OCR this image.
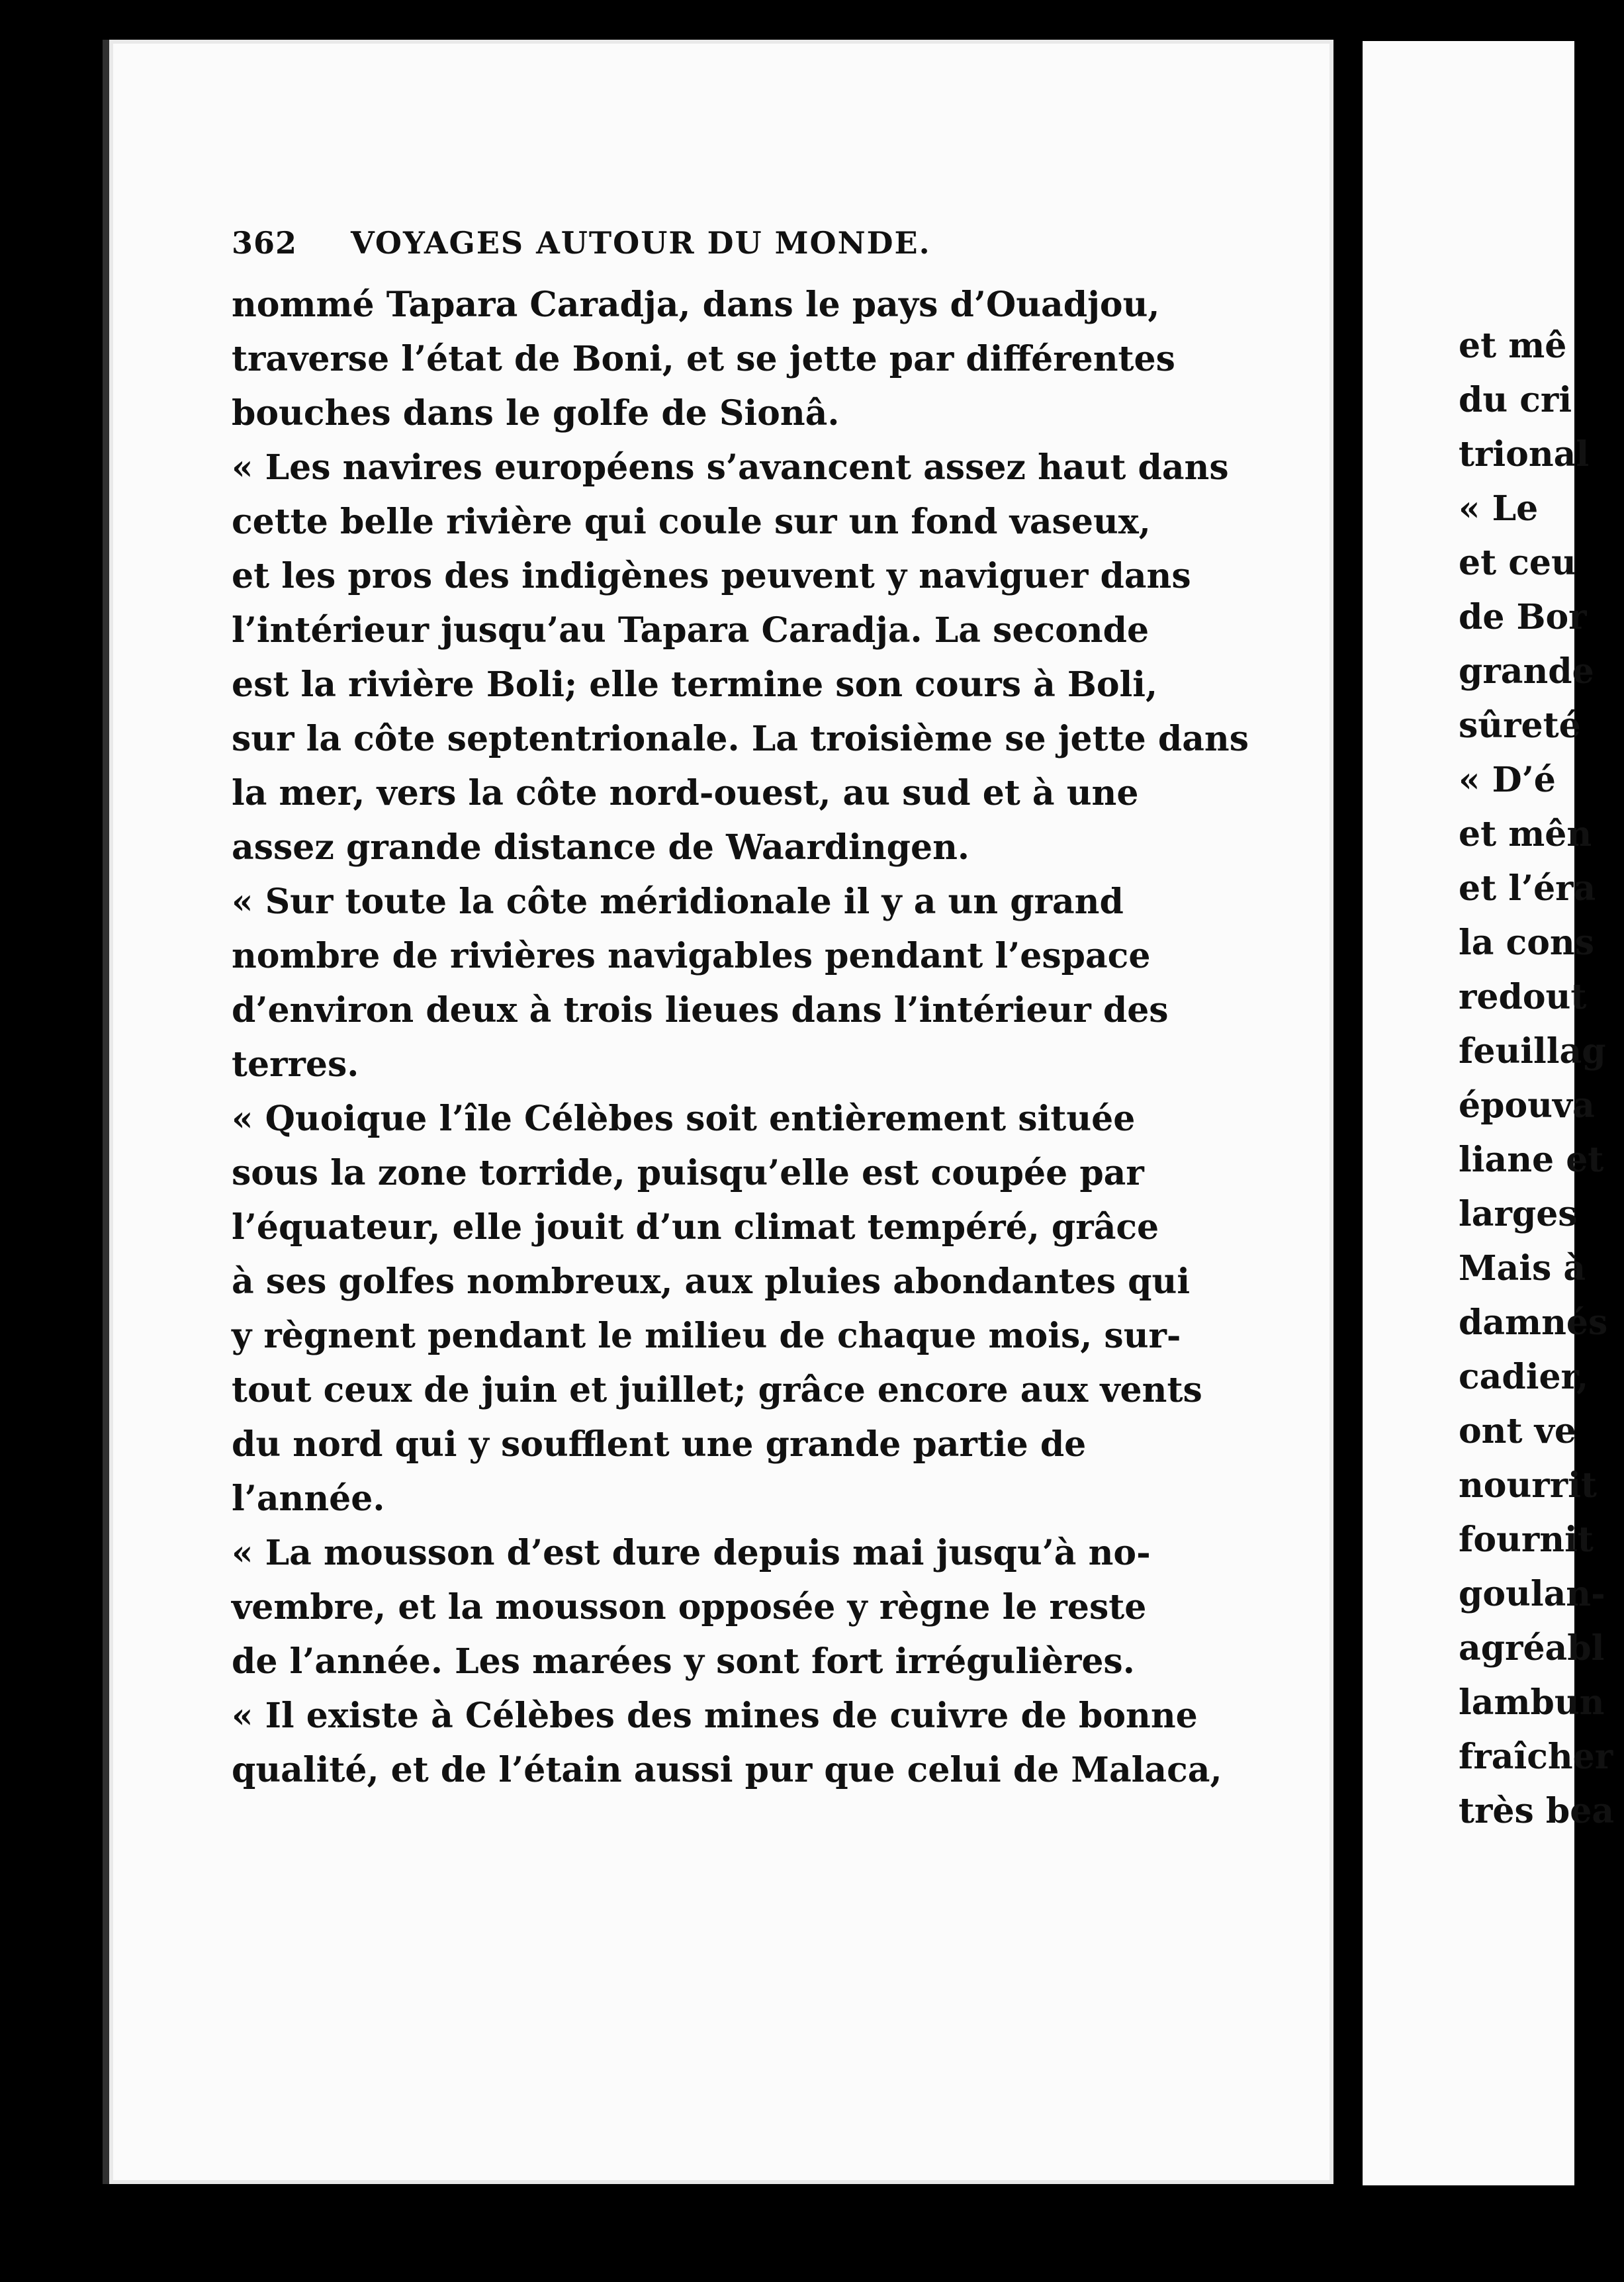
362	VOYAGES AUTOUR DU MONDE.
nommé Tapara Caradja, dans le pays d’Ouadjou,
traverse l’état de Boni, et se jette par différentes
bouches dans le golfe de Sionâ.
« Les navires européens s’avancent assez haut dans
cette belle rivière qui coule sur un fond vaseux,
et les pros des indigènes peuvent y naviguer dans
l’intérieur jusqu’au Tapara Caradja. La seconde
est la rivière Boli; elle termine son cours à Boli,
sur la côte septentrionale. La troisième se jette dans
la mer, vers la côte nord-ouest, au sud et à une
assez grande distance de Waardingen.
« Sur toute la côte méridionale il y a un grand
nombre de rivières navigables pendant l’espace
d’environ deux à trois lieues dans l’intérieur des
terres.
« Quoique l’île Célèbes soit entièrement située
sous la zone torride, puisqu’elle est coupée par
l’équateur, elle jouit d’un climat tempéré, grâce
à ses golfes nombreux, aux pluies abondantes qui
y règnent pendant le milieu de chaque mois, sur-
tout ceux de juin et juillet; grâce encore aux vents
du nord qui y soufflent une grande partie de
l’année.
« La mousson d’est dure depuis mai jusqu’à no-
vembre, et la mousson opposée y règne le reste
de l’année. Les marées y sont fort irrégulières.
« Il existe à Célèbes des mines de cuivre de bonne
qualité, et de l’étain aussi pur que celui de Malaca,
et mê
du cri
trional
« Le
et ceu
de Bor
grande
sûreté
« D’é
et mên
et l’éra
la cons
redout
feuillag
épouva
liane et
larges
Mais à
damnés
cadier,
ont ve
nourrit
fournit
goulan-
agréabl
lambun
fraîcher
très bea
